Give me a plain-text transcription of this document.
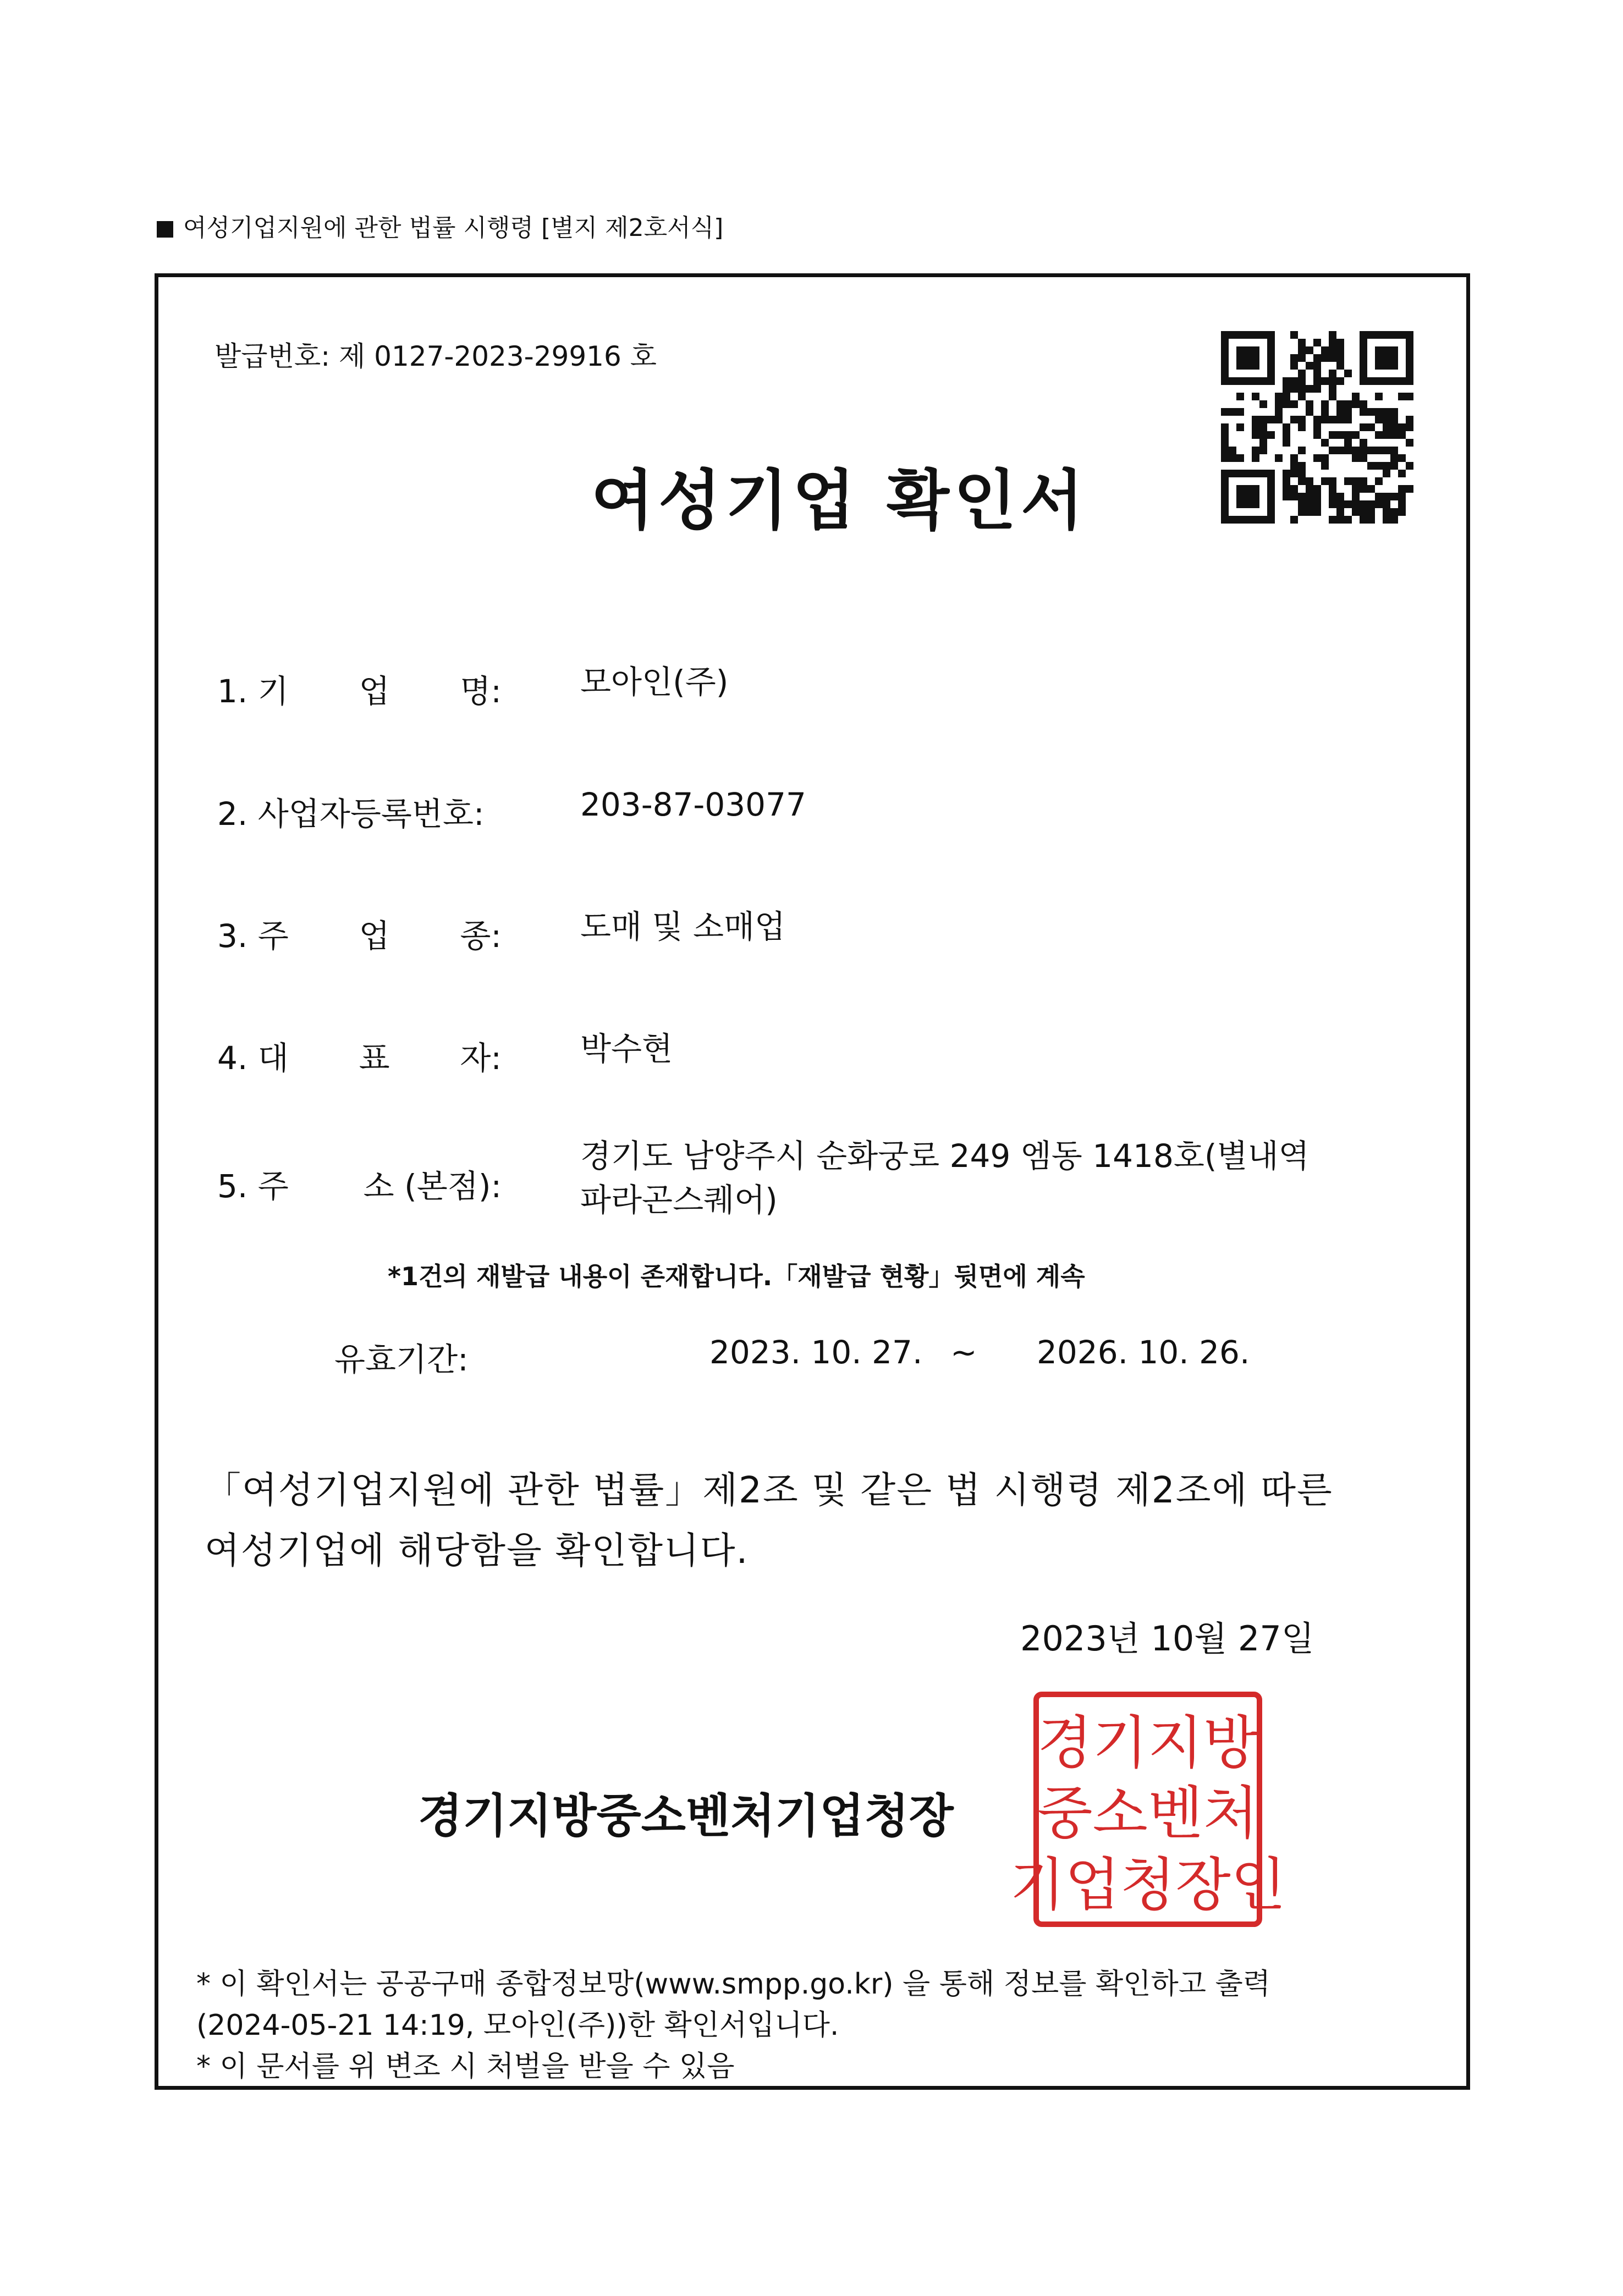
여성기업지원에 관한 법률 시행령 [별지 제2호서식]
발급번호: 제 0127-2023-29916 호
여성기업 확인서
1. 기 업 명: 모아인(주)
2. 사업자등록번호:	203-87-03077
3. 주 업 종: 도매 및 소매업
4. 대 표 자: 박수현
5. 주 소 (본점):
경기도 남양주시 순화궁로 249 엠동 1418호(별내역
파라곤스퀘어)
*1건의 재발급 내용이 존재합니다.「재발급 현황」뒷면에 계속
유효기간:	2023. 10. 27. ~ 2026. 10. 26.
「여성기업지원에 관한 법률」제2조 및 같은 법 시행령 제2조에 따른
여성기업에 해당함을 확인합니다.
2023년 10월 27일
경기지방중소벤처기업청장
경기지방
중소벤처
기업청장인
* 이 확인서는 공공구매 종합정보망(www.smpp.go.kr) 을 통해 정보를 확인하고 출력
(2024-05-21 14:19, 모아인(주))한 확인서입니다.
* 이 문서를 위 변조 시 처벌을 받을 수 있음
